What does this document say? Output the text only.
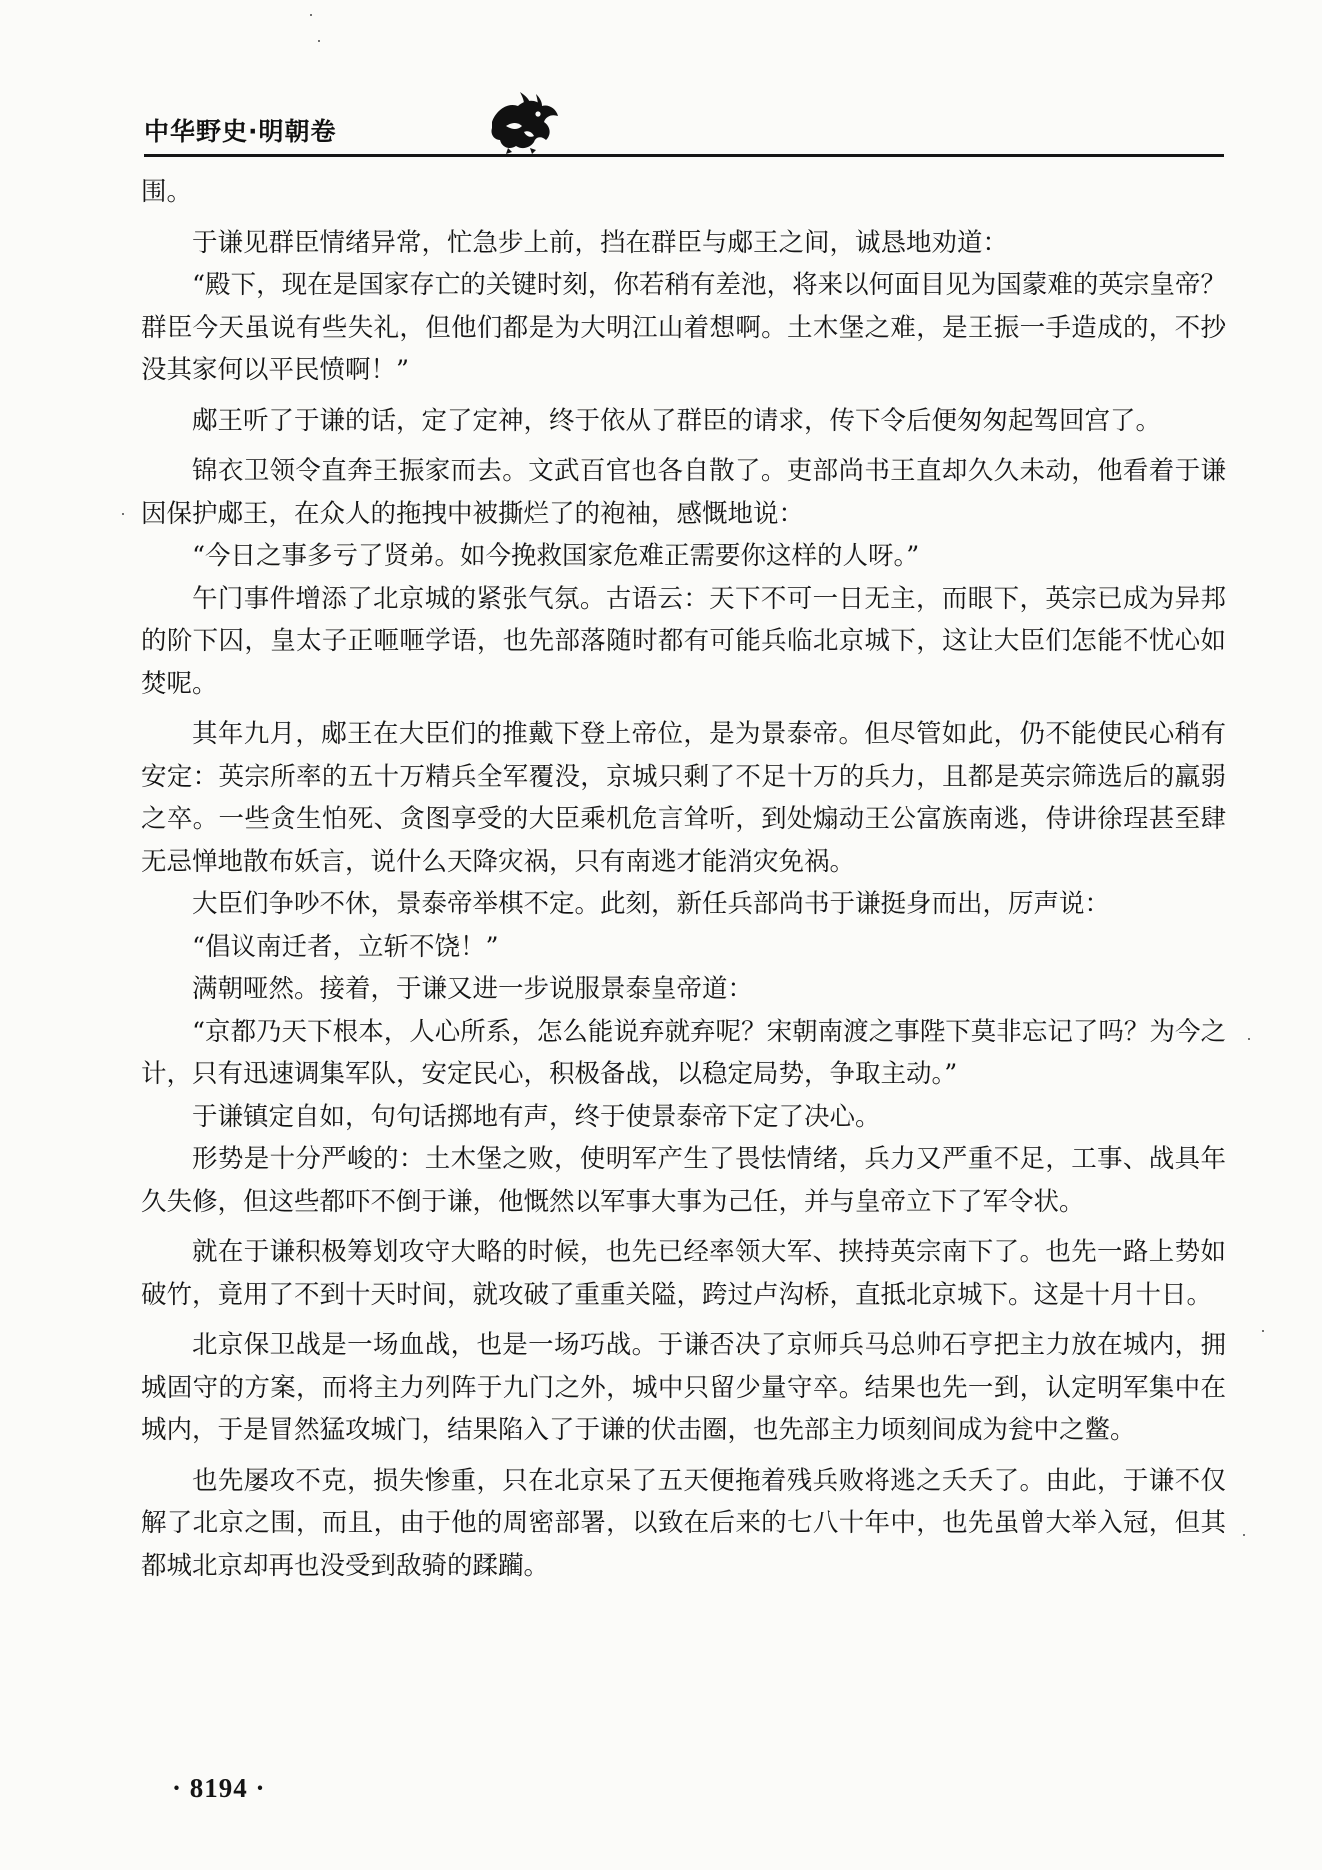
中华野史·明朝卷

围。

于谦见群臣情绪异常，忙急步上前，挡在群臣与郕王之间，诚恳地劝道：

“殿下，现在是国家存亡的关键时刻，你若稍有差池，将来以何面目见为国蒙难的英宗皇帝？群臣今天虽说有些失礼，但他们都是为大明江山着想啊。土木堡之难，是王振一手造成的，不抄没其家何以平民愤啊！”

郕王听了于谦的话，定了定神，终于依从了群臣的请求，传下令后便匆匆起驾回宫了。

锦衣卫领令直奔王振家而去。文武百官也各自散了。吏部尚书王直却久久未动，他看着于谦因保护郕王，在众人的拖拽中被撕烂了的袍袖，感慨地说：

“今日之事多亏了贤弟。如今挽救国家危难正需要你这样的人呀。”

午门事件增添了北京城的紧张气氛。古语云：天下不可一日无主，而眼下，英宗已成为异邦的阶下囚，皇太子正咂咂学语，也先部落随时都有可能兵临北京城下，这让大臣们怎能不忧心如焚呢。

其年九月，郕王在大臣们的推戴下登上帝位，是为景泰帝。但尽管如此，仍不能使民心稍有安定：英宗所率的五十万精兵全军覆没，京城只剩了不足十万的兵力，且都是英宗筛选后的羸弱之卒。一些贪生怕死、贪图享受的大臣乘机危言耸听，到处煽动王公富族南逃，侍讲徐珵甚至肆无忌惮地散布妖言，说什么天降灾祸，只有南逃才能消灾免祸。

大臣们争吵不休，景泰帝举棋不定。此刻，新任兵部尚书于谦挺身而出，厉声说：

“倡议南迁者，立斩不饶！”

满朝哑然。接着，于谦又进一步说服景泰皇帝道：

“京都乃天下根本，人心所系，怎么能说弃就弃呢？宋朝南渡之事陛下莫非忘记了吗？为今之计，只有迅速调集军队，安定民心，积极备战，以稳定局势，争取主动。”

于谦镇定自如，句句话掷地有声，终于使景泰帝下定了决心。

形势是十分严峻的：土木堡之败，使明军产生了畏怯情绪，兵力又严重不足，工事、战具年久失修，但这些都吓不倒于谦，他慨然以军事大事为己任，并与皇帝立下了军令状。

就在于谦积极筹划攻守大略的时候，也先已经率领大军、挟持英宗南下了。也先一路上势如破竹，竟用了不到十天时间，就攻破了重重关隘，跨过卢沟桥，直抵北京城下。这是十月十日。

北京保卫战是一场血战，也是一场巧战。于谦否决了京师兵马总帅石亨把主力放在城内，拥城固守的方案，而将主力列阵于九门之外，城中只留少量守卒。结果也先一到，认定明军集中在城内，于是冒然猛攻城门，结果陷入了于谦的伏击圈，也先部主力顷刻间成为瓮中之鳖。

也先屡攻不克，损失惨重，只在北京呆了五天便拖着残兵败将逃之夭夭了。由此，于谦不仅解了北京之围，而且，由于他的周密部署，以致在后来的七八十年中，也先虽曾大举入冠，但其都城北京却再也没受到敌骑的蹂躏。

· 8194 ·
